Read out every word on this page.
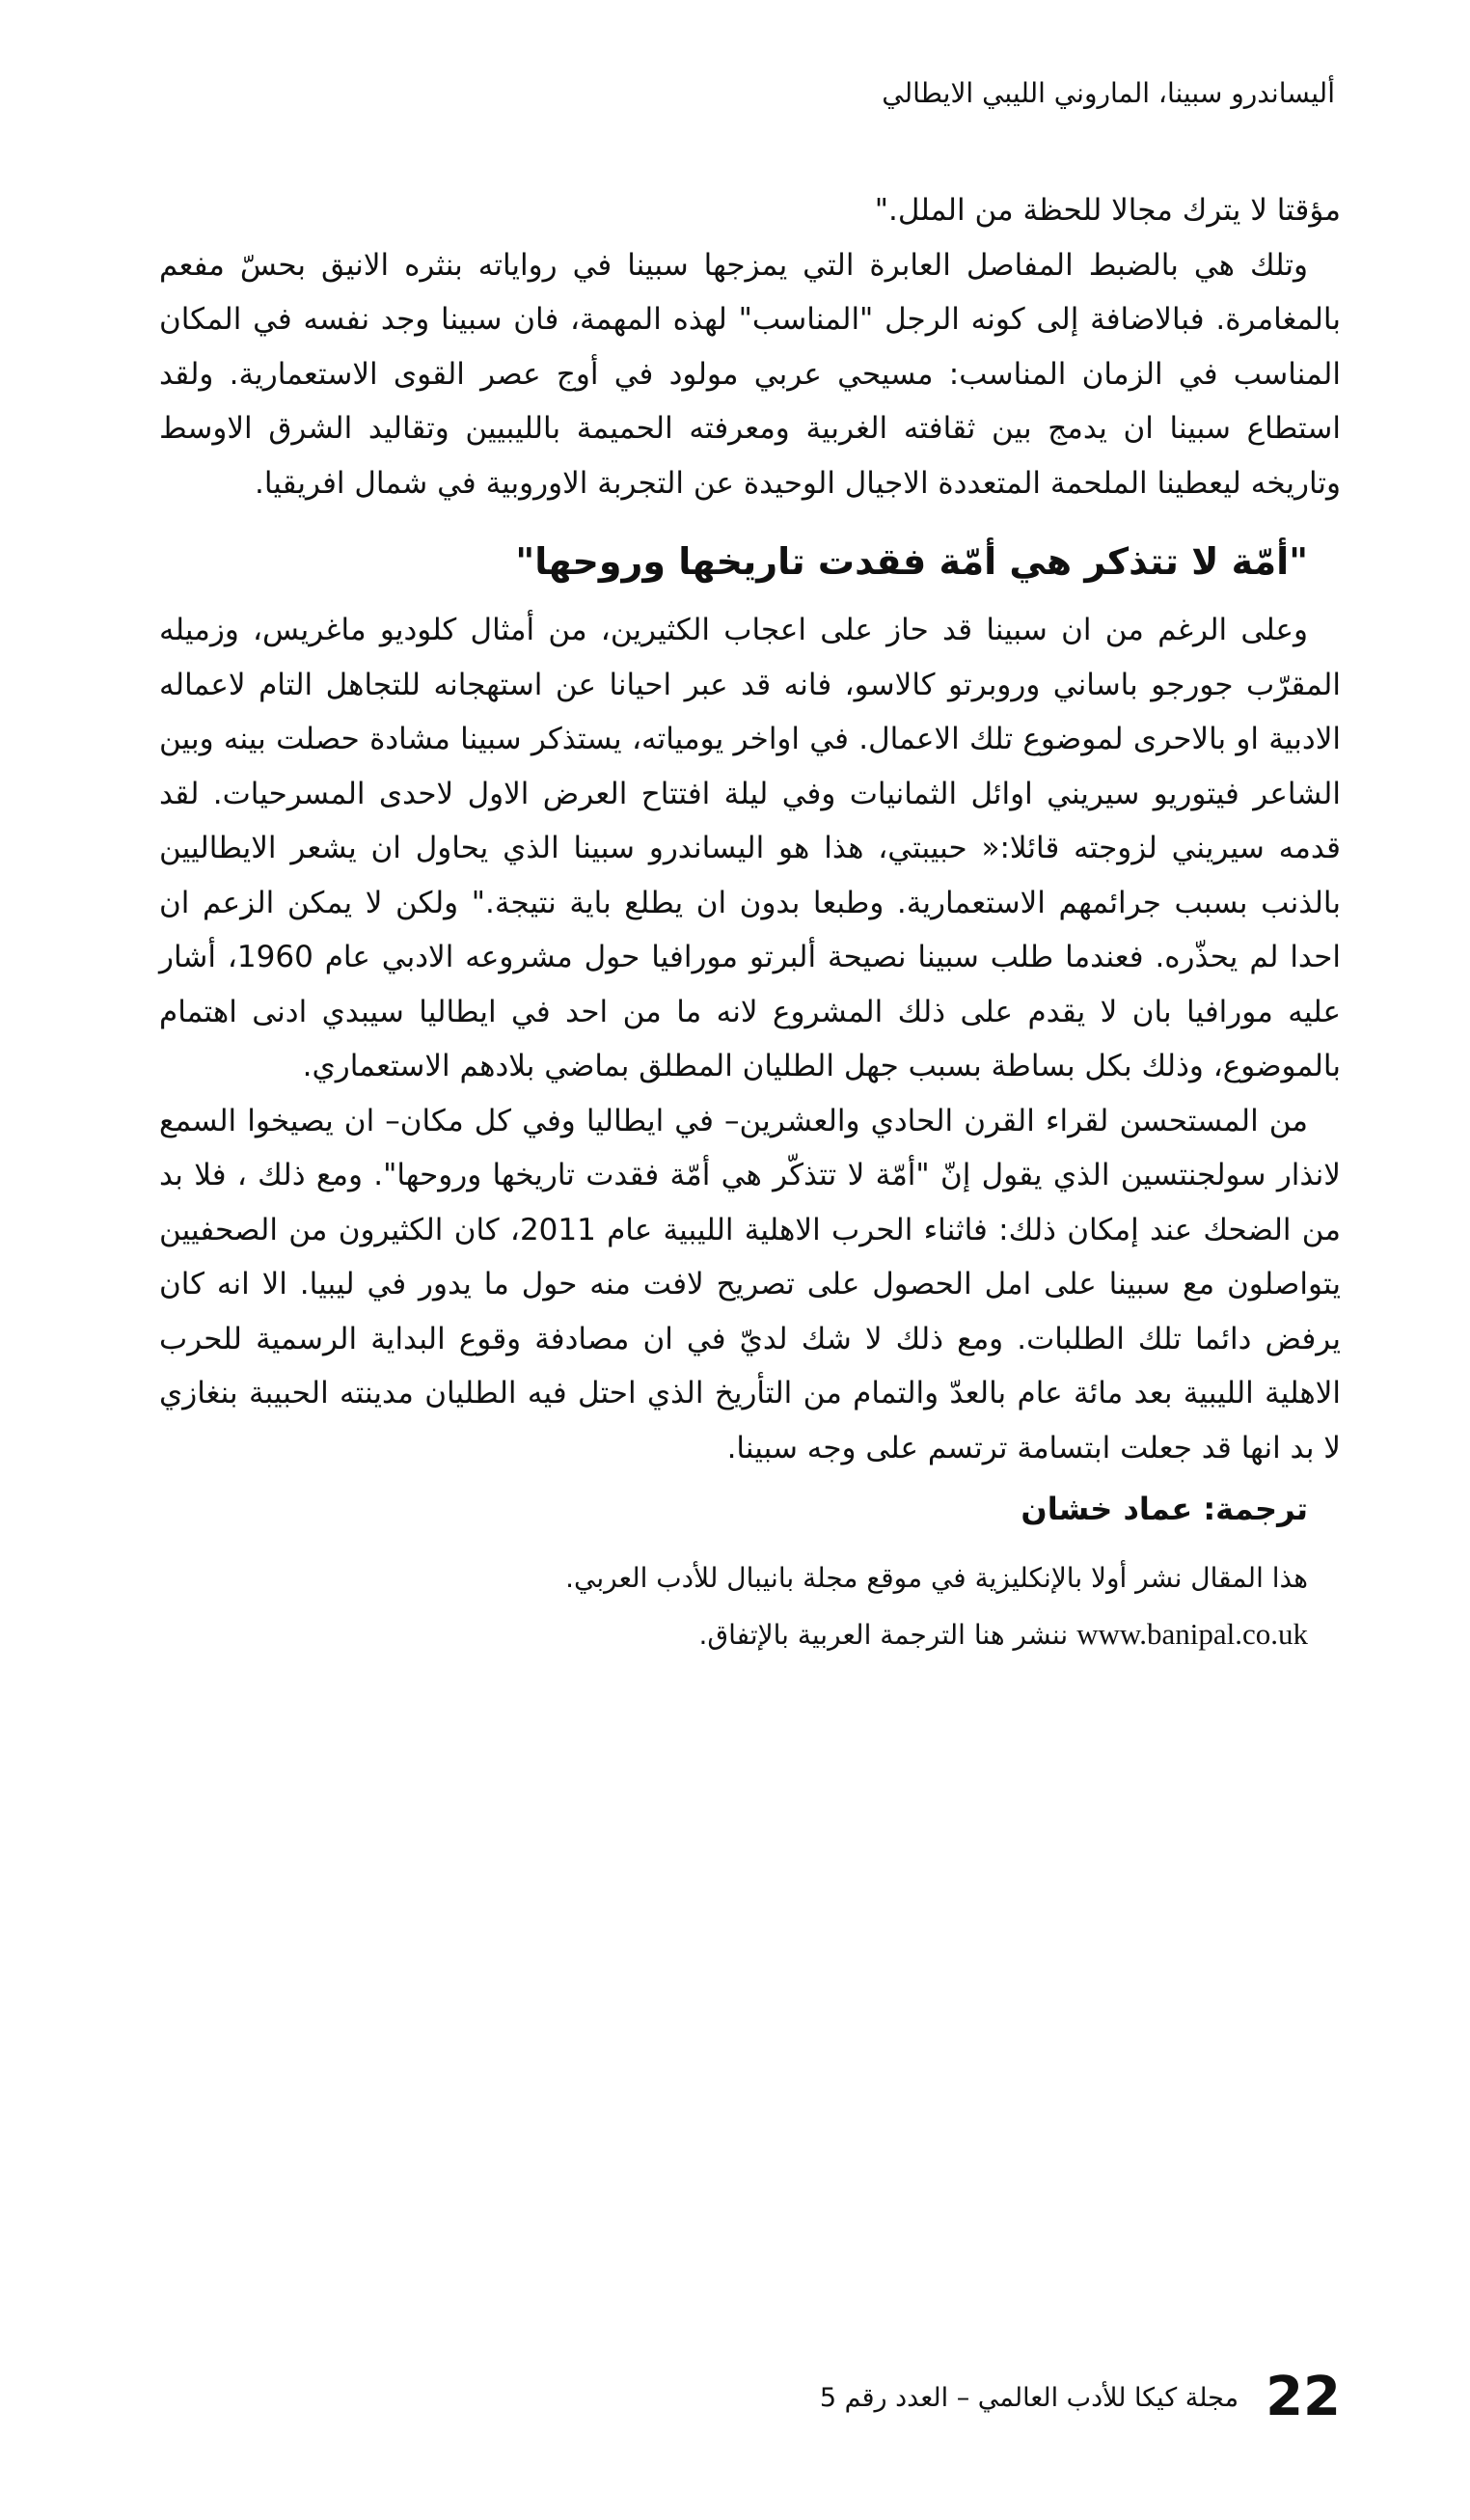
أليساندرو سبينا، الماروني الليبي الايطالي

مؤقتا لا يترك مجالا للحظة من الملل."

وتلك هي بالضبط المفاصل العابرة التي يمزجها سبينا في رواياته بنثره الانيق بحسّ مفعم بالمغامرة. فبالاضافة إلى كونه الرجل "المناسب" لهذه المهمة، فان سبينا وجد نفسه في المكان المناسب في الزمان المناسب: مسيحي عربي مولود في أوج عصر القوى الاستعمارية. ولقد استطاع سبينا ان يدمج بين ثقافته الغربية ومعرفته الحميمة بالليبيين وتقاليد الشرق الاوسط وتاريخه ليعطينا الملحمة المتعددة الاجيال الوحيدة عن التجربة الاوروبية في شمال افريقيا.

"أمّة لا تتذكر هي أمّة فقدت تاريخها وروحها"

وعلى الرغم من ان سبينا قد حاز على اعجاب الكثيرين، من أمثال كلوديو ماغريس، وزميله المقرّب جورجو باساني وروبرتو كالاسو، فانه قد عبر احيانا عن استهجانه للتجاهل التام لاعماله الادبية او بالاحرى لموضوع تلك الاعمال. في اواخر يومياته، يستذكر سبينا مشادة حصلت بينه وبين الشاعر فيتوريو سيريني اوائل الثمانيات وفي ليلة افتتاح العرض الاول لاحدى المسرحيات. لقد قدمه سيريني لزوجته قائلا:« حبيبتي، هذا هو اليساندرو سبينا الذي يحاول ان يشعر الايطاليين بالذنب بسبب جرائمهم الاستعمارية. وطبعا بدون ان يطلع باية نتيجة." ولكن لا يمكن الزعم ان احدا لم يحذّره. فعندما طلب سبينا نصيحة ألبرتو مورافيا حول مشروعه الادبي عام 1960، أشار عليه مورافيا بان لا يقدم على ذلك المشروع لانه ما من احد في ايطاليا سيبدي ادنى اهتمام بالموضوع، وذلك بكل بساطة بسبب جهل الطليان المطلق بماضي بلادهم الاستعماري.

من المستحسن لقراء القرن الحادي والعشرين– في ايطاليا وفي كل مكان– ان يصيخوا السمع لانذار سولجنتسين الذي يقول إنّ "أمّة لا تتذكّر هي أمّة فقدت تاريخها وروحها". ومع ذلك ، فلا بد من الضحك عند إمكان ذلك: فاثناء الحرب الاهلية الليبية عام 2011، كان الكثيرون من الصحفيين يتواصلون مع سبينا على امل الحصول على تصريح لافت منه حول ما يدور في ليبيا. الا انه كان يرفض دائما تلك الطلبات. ومع ذلك لا شك لديّ في ان مصادفة وقوع البداية الرسمية للحرب الاهلية الليبية بعد مائة عام بالعدّ والتمام من التأريخ الذي احتل فيه الطليان مدينته الحبيبة بنغازي لا بد انها قد جعلت ابتسامة ترتسم على وجه سبينا.

ترجمة: عماد خشان
هذا المقال نشر أولا بالإنكليزية في موقع مجلة بانيبال للأدب العربي.
www.banipal.co.uk ننشر هنا الترجمة العربية بالإتفاق.
مجلة كيكا للأدب العالمي – العدد رقم 5 22
